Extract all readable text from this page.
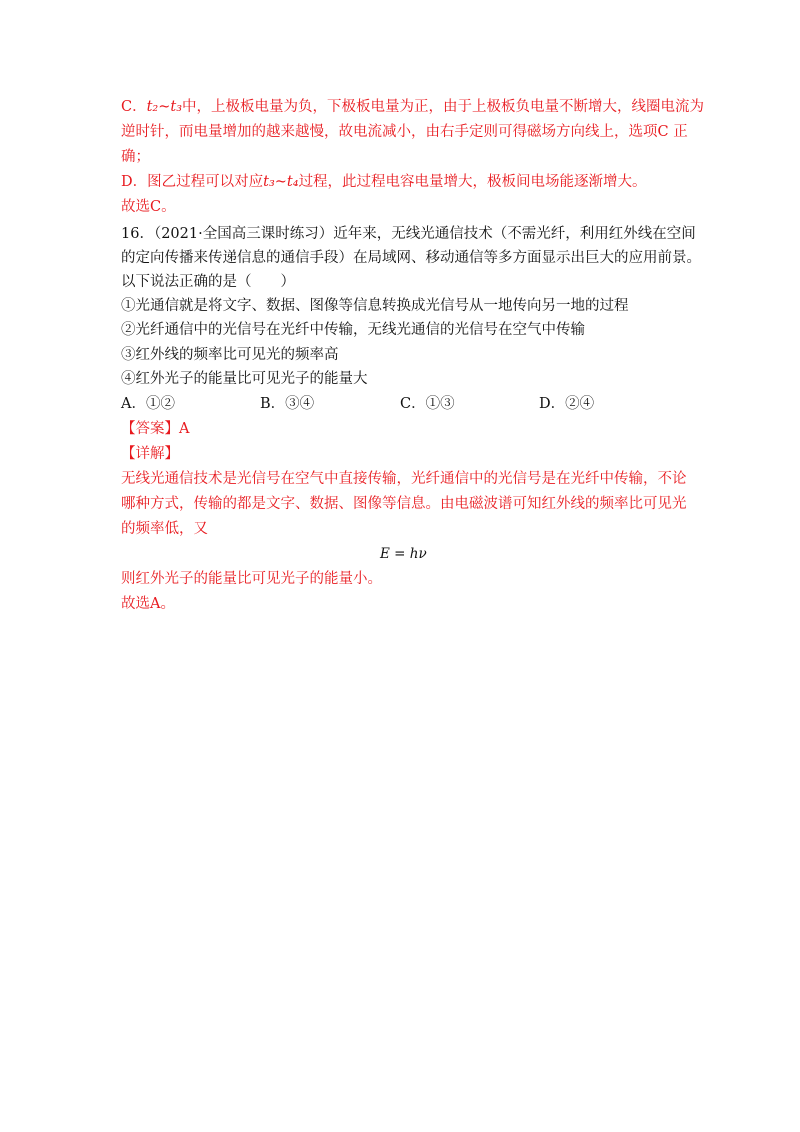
C．t₂~t₃中，上极板电量为负，下极板电量为正，由于上极板负电量不断增大，线圈电流为
逆时针，而电量增加的越来越慢，故电流减小，由右手定则可得磁场方向线上，选项C 正
确；
D．图乙过程可以对应t₃~t₄过程，此过程电容电量增大，极板间电场能逐渐增大。
故选C。
16．（2021·全国高三课时练习）近年来，无线光通信技术（不需光纤，利用红外线在空间
的定向传播来传递信息的通信手段）在局域网、移动通信等多方面显示出巨大的应用前景。
以下说法正确的是（　　）
①光通信就是将文字、数据、图像等信息转换成光信号从一地传向另一地的过程
②光纤通信中的光信号在光纤中传输，无线光通信的光信号在空气中传输
③红外线的频率比可见光的频率高
④红外光子的能量比可见光子的能量大
A．①②	B．③④	C．①③	D．②④
【答案】A
【详解】
无线光通信技术是光信号在空气中直接传输，光纤通信中的光信号是在光纤中传输，不论
哪种方式，传输的都是文字、数据、图像等信息。由电磁波谱可知红外线的频率比可见光
的频率低，又
E = hν
则红外光子的能量比可见光子的能量小。
故选A。
